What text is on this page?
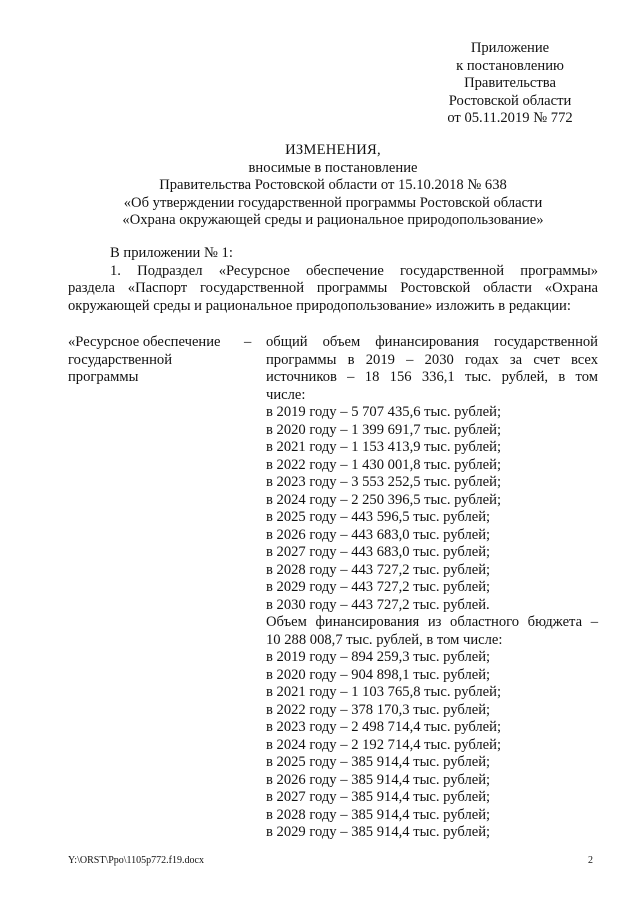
Приложение
к постановлению
Правительства
Ростовской области
от 05.11.2019 № 772
ИЗМЕНЕНИЯ,
вносимые в постановление
Правительства Ростовской области от 15.10.2018 № 638
«Об утверждении государственной программы Ростовской области
«Охрана окружающей среды и рациональное природопользование»
В приложении № 1:
1. Подраздел «Ресурсное обеспечение государственной программы»
раздела «Паспорт государственной программы Ростовской области «Охрана
окружающей среды и рациональное природопользование» изложить в редакции:
«Ресурсное обеспечение
государственной
программы
– общий объем финансирования государственной
программы в 2019 – 2030 годах за счет всех
источников – 18 156 336,1 тыс. рублей, в том
числе:
в 2019 году – 5 707 435,6 тыс. рублей;
в 2020 году – 1 399 691,7 тыс. рублей;
в 2021 году – 1 153 413,9 тыс. рублей;
в 2022 году – 1 430 001,8 тыс. рублей;
в 2023 году – 3 553 252,5 тыс. рублей;
в 2024 году – 2 250 396,5 тыс. рублей;
в 2025 году – 443 596,5 тыс. рублей;
в 2026 году – 443 683,0 тыс. рублей;
в 2027 году – 443 683,0 тыс. рублей;
в 2028 году – 443 727,2 тыс. рублей;
в 2029 году – 443 727,2 тыс. рублей;
в 2030 году – 443 727,2 тыс. рублей.
Объем финансирования из областного бюджета –
10 288 008,7 тыс. рублей, в том числе:
в 2019 году – 894 259,3 тыс. рублей;
в 2020 году – 904 898,1 тыс. рублей;
в 2021 году – 1 103 765,8 тыс. рублей;
в 2022 году – 378 170,3 тыс. рублей;
в 2023 году – 2 498 714,4 тыс. рублей;
в 2024 году – 2 192 714,4 тыс. рублей;
в 2025 году – 385 914,4 тыс. рублей;
в 2026 году – 385 914,4 тыс. рублей;
в 2027 году – 385 914,4 тыс. рублей;
в 2028 году – 385 914,4 тыс. рублей;
в 2029 году – 385 914,4 тыс. рублей;
Y:\ORST\Ppo\1105p772.f19.docx	2
